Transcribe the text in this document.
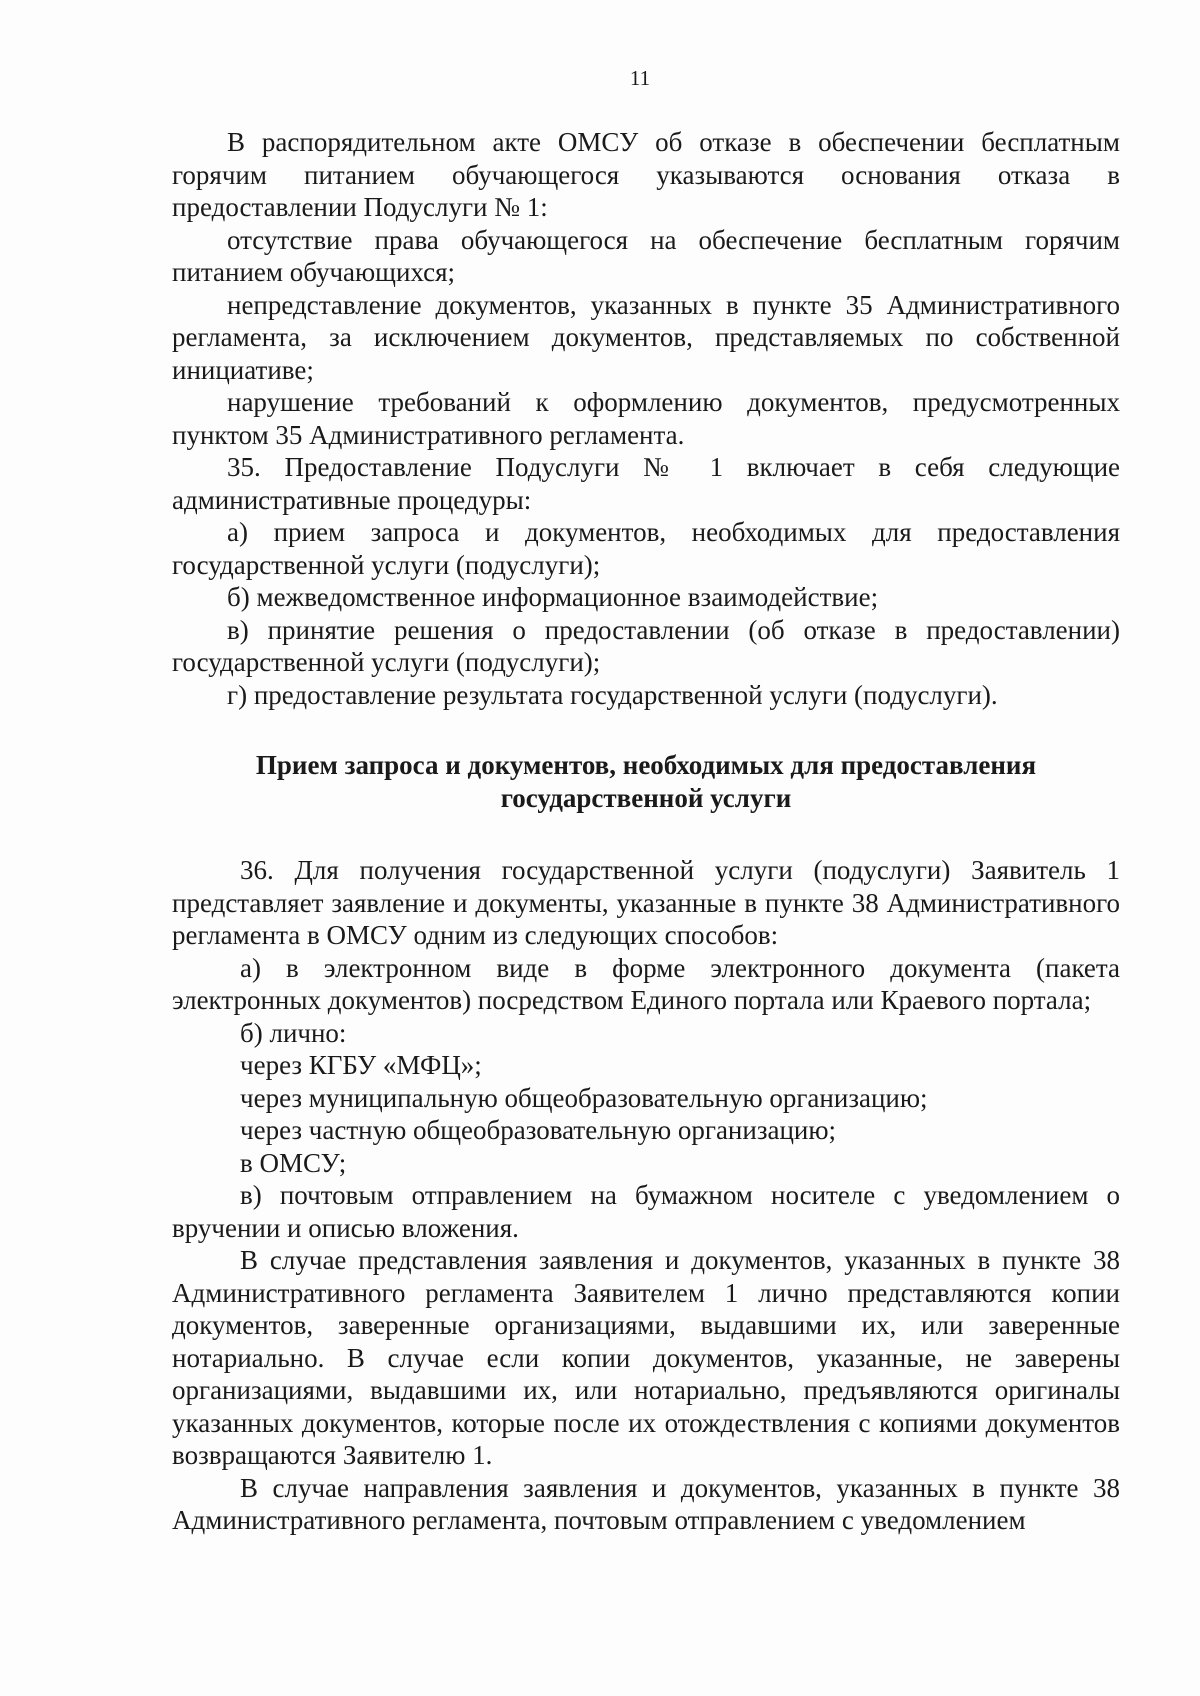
11

В распорядительном акте ОМСУ об отказе в обеспечении бесплатным горячим питанием обучающегося указываются основания отказа в предоставлении Подуслуги № 1:

отсутствие права обучающегося на обеспечение бесплатным горячим питанием обучающихся;

непредставление документов, указанных в пункте 35 Административного регламента, за исключением документов, представляемых по собственной инициативе;

нарушение требований к оформлению документов, предусмотренных пунктом 35 Административного регламента.

35. Предоставление Подуслуги № 1 включает в себя следующие административные процедуры:

а) прием запроса и документов, необходимых для предоставления государственной услуги (подуслуги);

б) межведомственное информационное взаимодействие;

в) принятие решения о предоставлении (об отказе в предоставлении) государственной услуги (подуслуги);

г) предоставление результата государственной услуги (подуслуги).

Прием запроса и документов, необходимых для предоставления
государственной услуги

36. Для получения государственной услуги (подуслуги) Заявитель 1 представляет заявление и документы, указанные в пункте 38 Административного регламента в ОМСУ одним из следующих способов:

а) в электронном виде в форме электронного документа (пакета электронных документов) посредством Единого портала или Краевого портала;

б) лично:

через КГБУ «МФЦ»;

через муниципальную общеобразовательную организацию;

через частную общеобразовательную организацию;

в ОМСУ;

в) почтовым отправлением на бумажном носителе с уведомлением о вручении и описью вложения.

В случае представления заявления и документов, указанных в пункте 38 Административного регламента Заявителем 1 лично представляются копии документов, заверенные организациями, выдавшими их, или заверенные нотариально. В случае если копии документов, указанные, не заверены организациями, выдавшими их, или нотариально, предъявляются оригиналы указанных документов, которые после их отождествления с копиями документов возвращаются Заявителю 1.

В случае направления заявления и документов, указанных в пункте 38 Административного регламента, почтовым отправлением с уведомлением
